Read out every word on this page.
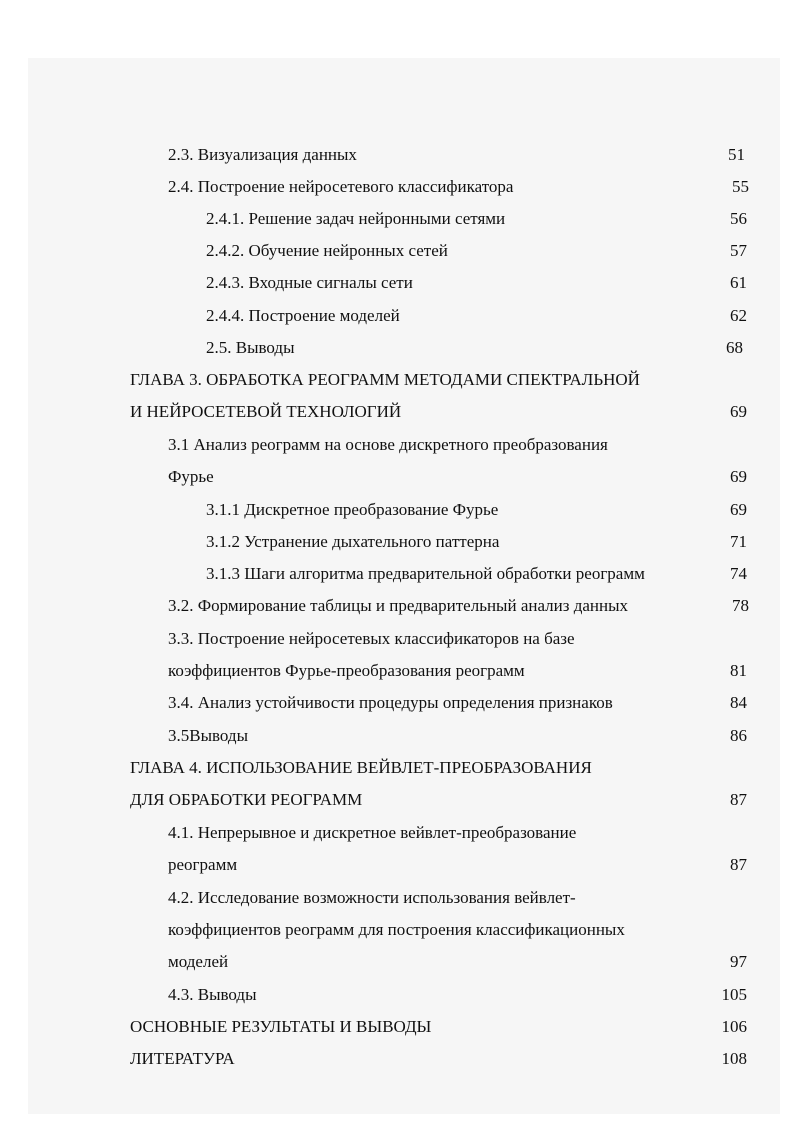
2.3. Визуализация данных	51
2.4. Построение нейросетевого классификатора	55
2.4.1. Решение задач нейронными сетями	56
2.4.2. Обучение нейронных сетей	57
2.4.3. Входные сигналы сети	61
2.4.4. Построение моделей	62
2.5. Выводы	68
ГЛАВА 3. ОБРАБОТКА РЕОГРАММ МЕТОДАМИ СПЕКТРАЛЬНОЙ
И НЕЙРОСЕТЕВОЙ ТЕХНОЛОГИЙ	69
3.1 Анализ реограмм на основе дискретного преобразования
Фурье	69
3.1.1 Дискретное преобразование Фурье	69
3.1.2 Устранение дыхательного паттерна	71
3.1.3 Шаги алгоритма предварительной обработки реограмм	74
3.2. Формирование таблицы и предварительный анализ данных	78
3.3. Построение нейросетевых классификаторов на базе
коэффициентов Фурье-преобразования реограмм	81
3.4. Анализ устойчивости процедуры определения признаков	84
3.5Выводы	86
ГЛАВА 4. ИСПОЛЬЗОВАНИЕ ВЕЙВЛЕТ-ПРЕОБРАЗОВАНИЯ
ДЛЯ ОБРАБОТКИ РЕОГРАММ	87
4.1. Непрерывное и дискретное вейвлет-преобразование
реограмм	87
4.2. Исследование возможности использования вейвлет-
коэффициентов реограмм для построения классификационных
моделей	97
4.3. Выводы	105
ОСНОВНЫЕ РЕЗУЛЬТАТЫ И ВЫВОДЫ	106
ЛИТЕРАТУРА	108
